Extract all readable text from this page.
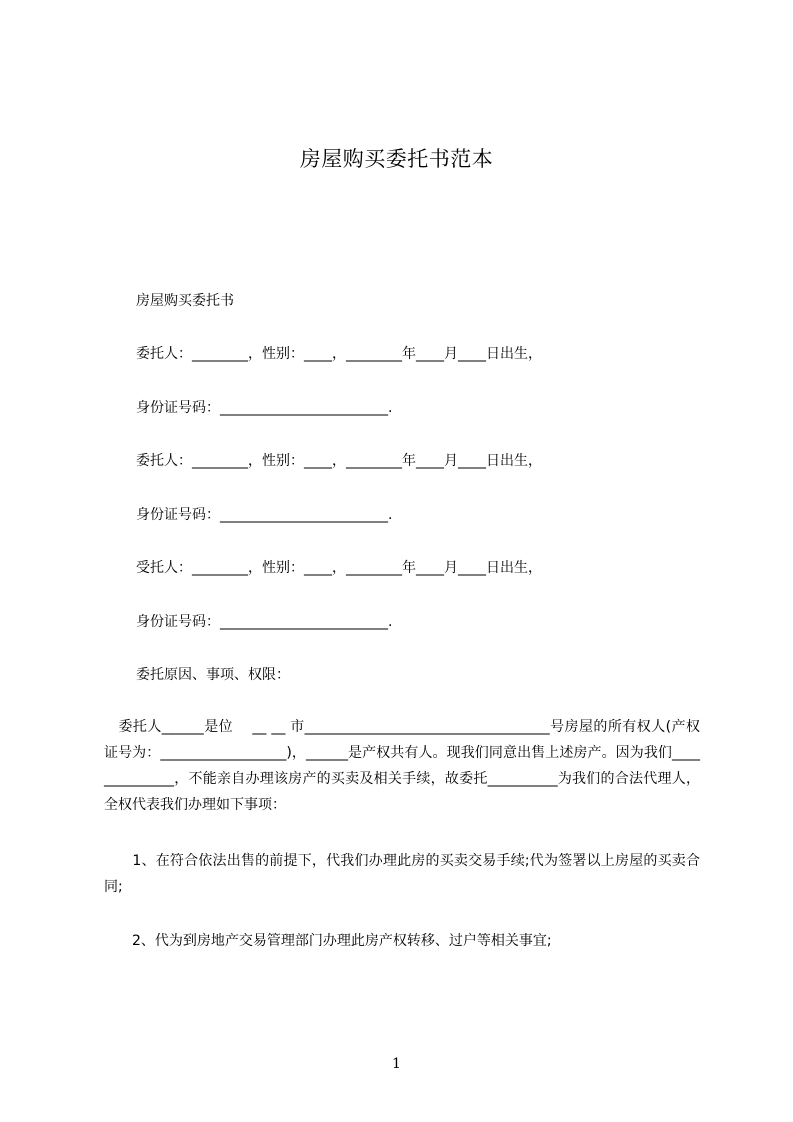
房屋购买委托书范本
房屋购买委托书
委托人：________，性别：____，________年____月____日出生，
身份证号码：________________________.
委托人：________，性别：____，________年____月____日出生，
身份证号码：________________________.
受托人：________，性别：____，________年____月____日出生，
身份证号码：________________________.
委托原因、事项、权限：
　委托人______是位　 __ __ 市___________________________________号房屋的所有权人(产权证号为：__________________)，______是产权共有人。现我们同意出售上述房产。因为我们______________，不能亲自办理该房产的买卖及相关手续，故委托__________为我们的合法代理人，全权代表我们办理如下事项：
　　1、在符合依法出售的前提下，代我们办理此房的买卖交易手续;代为签署以上房屋的买卖合同;
　　2、代为到房地产交易管理部门办理此房产权转移、过户等相关事宜;
1
